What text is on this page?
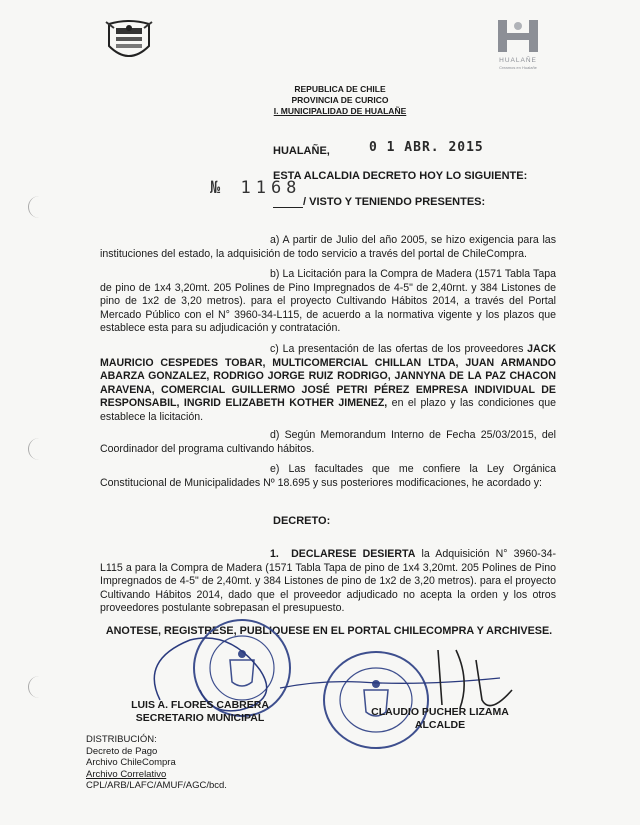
HUALAÑE
Creamos en Hualañe
REPUBLICA DE CHILE
PROVINCIA DE CURICO
I. MUNICIPALIDAD DE HUALAÑE
HUALAÑE,	0 1 ABR. 2015
ESTA ALCALDIA DECRETO HOY LO SIGUIENTE:
№ 1168
/ VISTO Y TENIENDO PRESENTES:
a) A partir de Julio del año 2005, se hizo exigencia para las instituciones del estado, la adquisición de todo servicio a través del portal de ChileCompra.
b) La Licitación para la Compra de Madera (1571 Tabla Tapa de pino de 1x4 3,20mt. 205 Polines de Pino Impregnados de 4-5" de 2,40rnt. y 384 Listones de pino de 1x2 de 3,20 metros). para el proyecto Cultivando Hábitos 2014, a través del Portal Mercado Público con el N° 3960-34-L115, de acuerdo a la normativa vigente y los plazos que establece esta para su adjudicación y contratación.
c) La presentación de las ofertas de los proveedores JACK MAURICIO CESPEDES TOBAR, MULTICOMERCIAL CHILLAN LTDA, JUAN ARMANDO ABARZA GONZALEZ, RODRIGO JORGE RUIZ RODRIGO, JANNYNA DE LA PAZ CHACON ARAVENA, COMERCIAL GUILLERMO JOSÉ PETRI PÉREZ EMPRESA INDIVIDUAL DE RESPONSABIL, INGRID ELIZABETH KOTHER JIMENEZ, en el plazo y las condiciones que establece la licitación.
d) Según Memorandum Interno de Fecha 25/03/2015, del Coordinador del programa cultivando hábitos.
e) Las facultades que me confiere la Ley Orgánica Constitucional de Municipalidades Nº 18.695 y sus posteriores modificaciones, he acordado y:
DECRETO:
1. DECLARESE DESIERTA la Adquisición N° 3960-34-L115 a para la Compra de Madera (1571 Tabla Tapa de pino de 1x4 3,20mt. 205 Polines de Pino Impregnados de 4-5" de 2,40mt. y 384 Listones de pino de 1x2 de 3,20 metros). para el proyecto Cultivando Hábitos 2014, dado que el proveedor adjudicado no acepta la orden y los otros proveedores postulante sobrepasan el presupuesto.
ANOTESE, REGISTRESE, PUBLIQUESE EN EL PORTAL CHILECOMPRA Y ARCHIVESE.
LUIS A. FLORES CABRERA
SECRETARIO MUNICIPAL	CLAUDIO PUCHER LIZAMA
ALCALDE
DISTRIBUCIÓN:
Decreto de Pago
Archivo ChileCompra
Archivo Correlativo
CPL/ARB/LAFC/AMUF/AGC/bcd.
